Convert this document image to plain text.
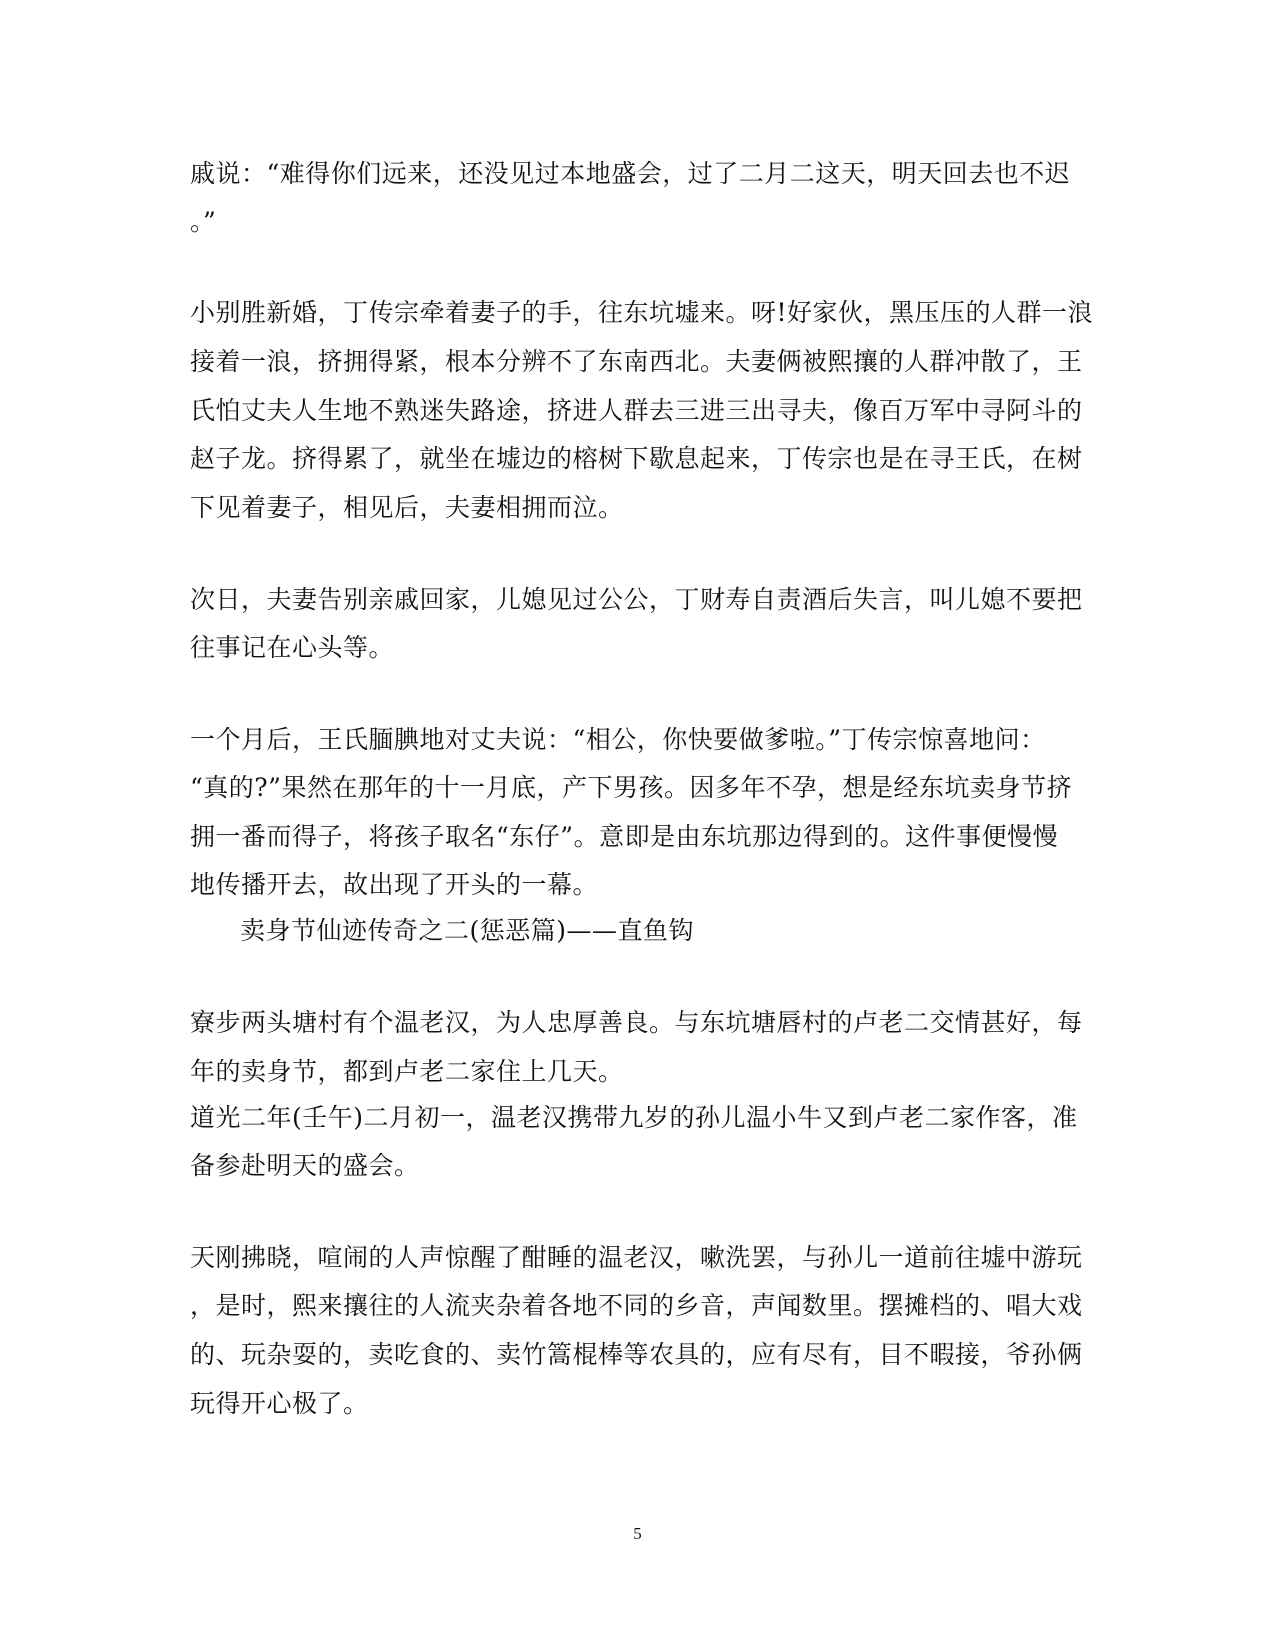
戚说：“难得你们远来，还没见过本地盛会，过了二月二这天，明天回去也不迟
。”
小别胜新婚，丁传宗牵着妻子的手，往东坑墟来。呀!好家伙，黑压压的人群一浪
接着一浪，挤拥得紧，根本分辨不了东南西北。夫妻俩被熙攘的人群冲散了，王
氏怕丈夫人生地不熟迷失路途，挤进人群去三进三出寻夫，像百万军中寻阿斗的
赵子龙。挤得累了，就坐在墟边的榕树下歇息起来，丁传宗也是在寻王氏，在树
下见着妻子，相见后，夫妻相拥而泣。
次日，夫妻告别亲戚回家，儿媳见过公公，丁财寿自责酒后失言，叫儿媳不要把
往事记在心头等。
一个月后，王氏腼腆地对丈夫说：“相公，你快要做爹啦。”丁传宗惊喜地问：
“真的?”果然在那年的十一月底，产下男孩。因多年不孕，想是经东坑卖身节挤
拥一番而得子，将孩子取名“东仔”。意即是由东坑那边得到的。这件事便慢慢
地传播开去，故出现了开头的一幕。
卖身节仙迹传奇之二(惩恶篇)——直鱼钩
寮步两头塘村有个温老汉，为人忠厚善良。与东坑塘唇村的卢老二交情甚好，每
年的卖身节，都到卢老二家住上几天。
道光二年(壬午)二月初一，温老汉携带九岁的孙儿温小牛又到卢老二家作客，准
备参赴明天的盛会。
天刚拂晓，喧闹的人声惊醒了酣睡的温老汉，嗽洗罢，与孙儿一道前往墟中游玩
，是时，熙来攘往的人流夹杂着各地不同的乡音，声闻数里。摆摊档的、唱大戏
的、玩杂耍的，卖吃食的、卖竹篙棍棒等农具的，应有尽有，目不暇接，爷孙俩
玩得开心极了。
5
